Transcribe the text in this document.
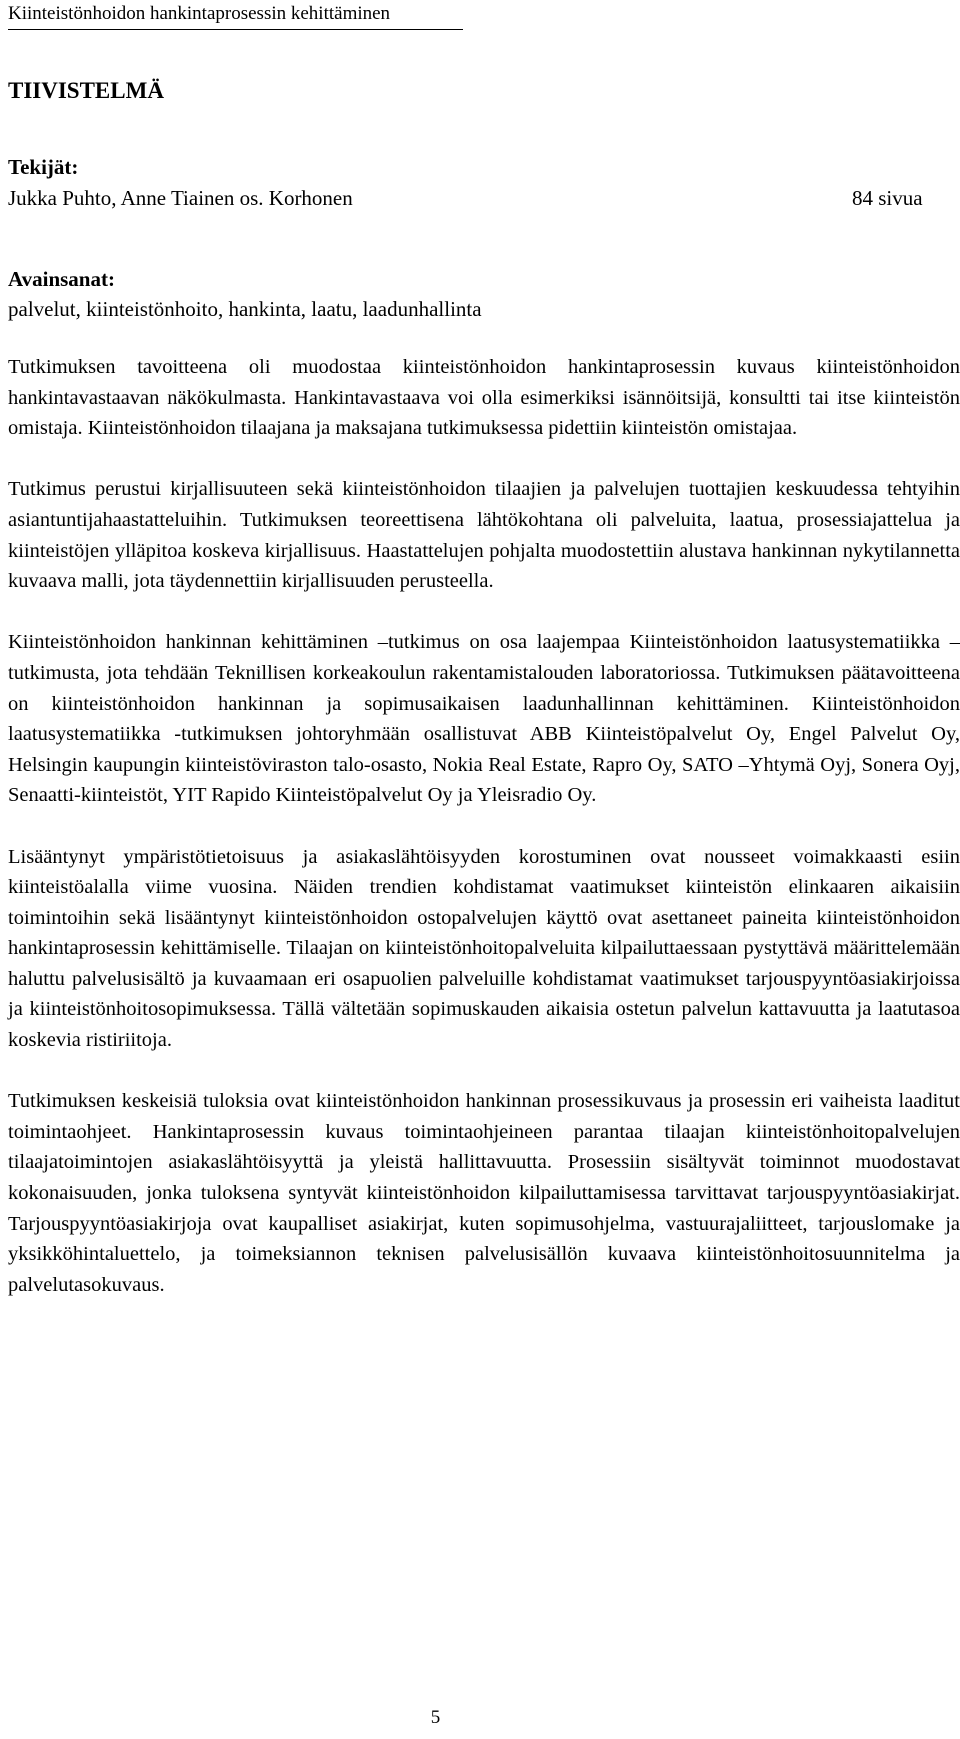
Kiinteistönhoidon hankintaprosessin kehittäminen
TIIVISTELMÄ
Tekijät:
Jukka Puhto, Anne Tiainen os. Korhonen	84 sivua
Avainsanat:
palvelut, kiinteistönhoito, hankinta, laatu, laadunhallinta

Tutkimuksen tavoitteena oli muodostaa kiinteistönhoidon hankintaprosessin kuvaus kiinteistönhoidon hankintavastaavan näkökulmasta. Hankintavastaava voi olla esimerkiksi isännöitsijä, konsultti tai itse kiinteistön omistaja. Kiinteistönhoidon tilaajana ja maksajana tutkimuksessa pidettiin kiinteistön omistajaa.

Tutkimus perustui kirjallisuuteen sekä kiinteistönhoidon tilaajien ja palvelujen tuottajien keskuudessa tehtyihin asiantuntijahaastatteluihin. Tutkimuksen teoreettisena lähtökohtana oli palveluita, laatua, prosessiajattelua ja kiinteistöjen ylläpitoa koskeva kirjallisuus. Haastattelujen pohjalta muodostettiin alustava hankinnan nykytilannetta kuvaava malli, jota täydennettiin kirjallisuuden perusteella.

Kiinteistönhoidon hankinnan kehittäminen –tutkimus on osa laajempaa Kiinteistönhoidon laatusystematiikka –tutkimusta, jota tehdään Teknillisen korkeakoulun rakentamistalouden laboratoriossa. Tutkimuksen päätavoitteena on kiinteistönhoidon hankinnan ja sopimusaikaisen laadunhallinnan kehittäminen. Kiinteistönhoidon laatusystematiikka -tutkimuksen johtoryhmään osallistuvat ABB Kiinteistöpalvelut Oy, Engel Palvelut Oy, Helsingin kaupungin kiinteistöviraston talo-osasto, Nokia Real Estate, Rapro Oy, SATO –Yhtymä Oyj, Sonera Oyj, Senaatti-kiinteistöt, YIT Rapido Kiinteistöpalvelut Oy ja Yleisradio Oy.

Lisääntynyt ympäristötietoisuus ja asiakaslähtöisyyden korostuminen ovat nousseet voimakkaasti esiin kiinteistöalalla viime vuosina. Näiden trendien kohdistamat vaatimukset kiinteistön elinkaaren aikaisiin toimintoihin sekä lisääntynyt kiinteistönhoidon ostopalvelujen käyttö ovat asettaneet paineita kiinteistönhoidon hankintaprosessin kehittämiselle. Tilaajan on kiinteistönhoitopalveluita kilpailuttaessaan pystyttävä määrittelemään haluttu palvelusisältö ja kuvaamaan eri osapuolien palveluille kohdistamat vaatimukset tarjouspyyntöasiakirjoissa ja kiinteistönhoitosopimuksessa. Tällä vältetään sopimuskauden aikaisia ostetun palvelun kattavuutta ja laatutasoa koskevia ristiriitoja.

Tutkimuksen keskeisiä tuloksia ovat kiinteistönhoidon hankinnan prosessikuvaus ja prosessin eri vaiheista laaditut toimintaohjeet. Hankintaprosessin kuvaus toimintaohjeineen parantaa tilaajan kiinteistönhoitopalvelujen tilaajatoimintojen asiakaslähtöisyyttä ja yleistä hallittavuutta. Prosessiin sisältyvät toiminnot muodostavat kokonaisuuden, jonka tuloksena syntyvät kiinteistönhoidon kilpailuttamisessa tarvittavat tarjouspyyntöasiakirjat. Tarjouspyyntöasiakirjoja ovat kaupalliset asiakirjat, kuten sopimusohjelma, vastuurajaliitteet, tarjouslomake ja yksikköhintaluettelo, ja toimeksiannon teknisen palvelusisällön kuvaava kiinteistönhoitosuunnitelma ja palvelutasokuvaus.

5
